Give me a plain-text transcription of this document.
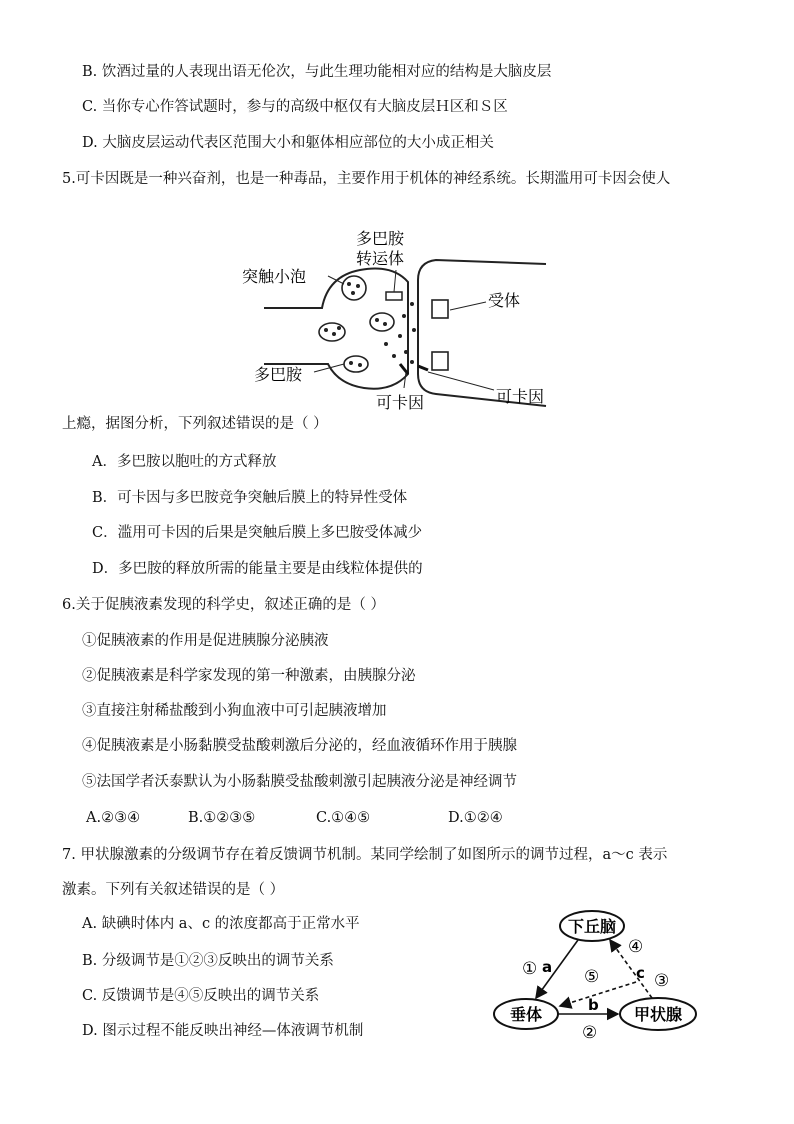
B. 饮酒过量的人表现出语无伦次，与此生理功能相对应的结构是大脑皮层
C. 当你专心作答试题时，参与的高级中枢仅有大脑皮层Ｈ区和Ｓ区
D. 大脑皮层运动代表区范围大小和躯体相应部位的大小成正相关
5.可卡因既是一种兴奋剂，也是一种毒品，主要作用于机体的神经系统。长期滥用可卡因会使人
多巴胺
转运体
突触小泡
受体
多巴胺
可卡因	可卡因
上瘾，据图分析，下列叙述错误的是（ ）
A．多巴胺以胞吐的方式释放
B．可卡因与多巴胺竞争突触后膜上的特异性受体
C．滥用可卡因的后果是突触后膜上多巴胺受体减少
D．多巴胺的释放所需的能量主要是由线粒体提供的
6.关于促胰液素发现的科学史，叙述正确的是（ ）
①促胰液素的作用是促进胰腺分泌胰液
②促胰液素是科学家发现的第一种激素，由胰腺分泌
③直接注射稀盐酸到小狗血液中可引起胰液增加
④促胰液素是小肠黏膜受盐酸刺激后分泌的，经血液循环作用于胰腺
⑤法国学者沃泰默认为小肠黏膜受盐酸刺激引起胰液分泌是神经调节
A.②③④	B.①②③⑤	C.①④⑤	D.①②④
7. 甲状腺激素的分级调节存在着反馈调节机制。某同学绘制了如图所示的调节过程，a～c 表示
激素。下列有关叙述错误的是（ ）
A. 缺碘时体内 a、c 的浓度都高于正常水平
B. 分级调节是①②③反映出的调节关系
C. 反馈调节是④⑤反映出的调节关系
D. 图示过程不能反映出神经—体液调节机制
下丘脑
垂体	甲状腺
a
b
c
①
②
③
④
⑤
